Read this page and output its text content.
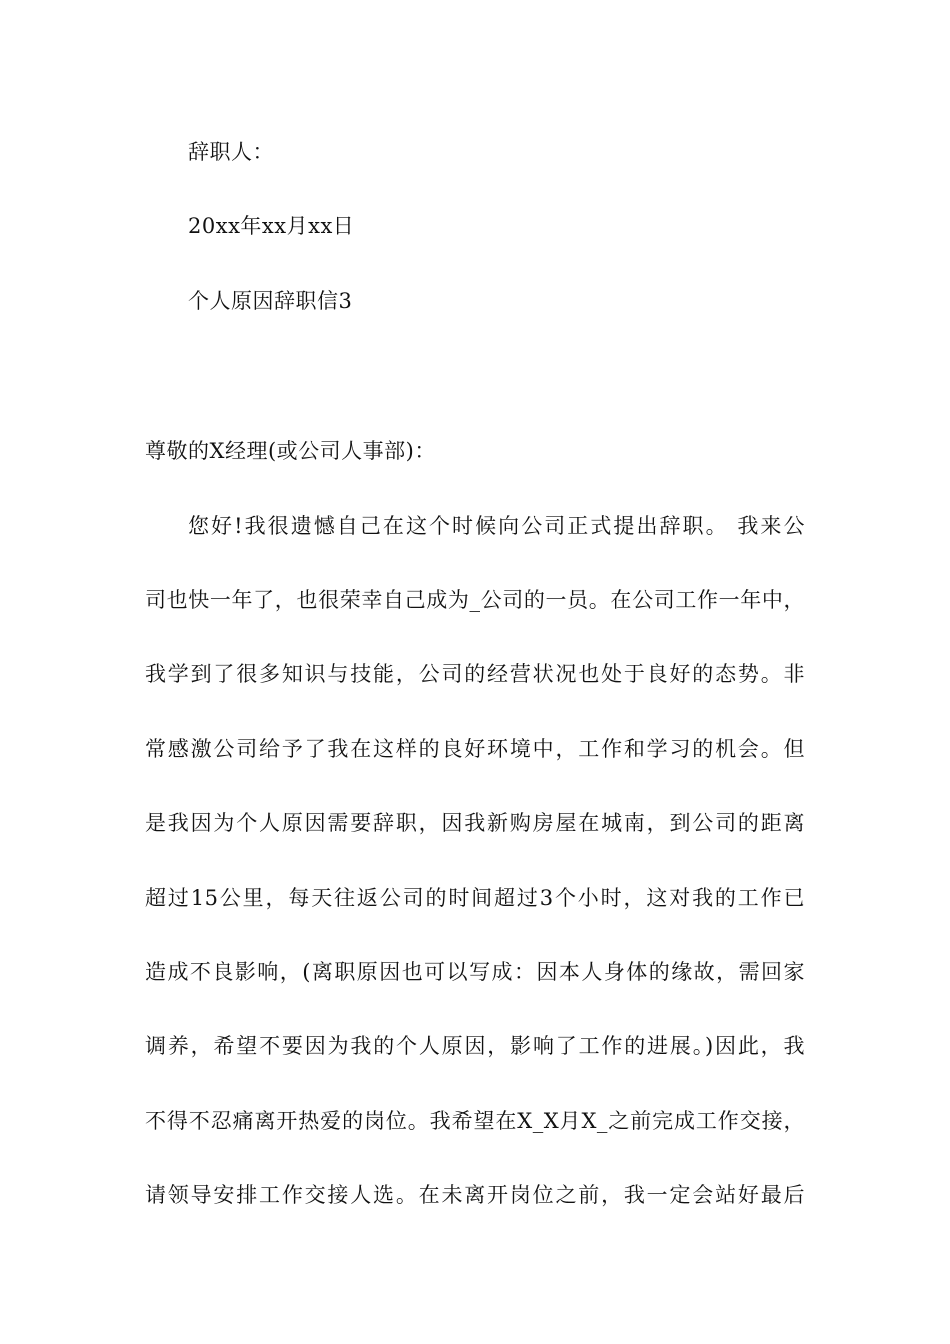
辞职人：
20xx年xx月xx日
个人原因辞职信3
尊敬的X经理(或公司人事部)：
您好!我很遗憾自己在这个时候向公司正式提出辞职。 我来公
司也快一年了，也很荣幸自己成为_公司的一员。在公司工作一年中，
我学到了很多知识与技能，公司的经营状况也处于良好的态势。非
常感激公司给予了我在这样的良好环境中，工作和学习的机会。但
是我因为个人原因需要辞职，因我新购房屋在城南，到公司的距离
超过15公里，每天往返公司的时间超过3个小时，这对我的工作已
造成不良影响，(离职原因也可以写成：因本人身体的缘故，需回家
调养，希望不要因为我的个人原因，影响了工作的进展。)因此，我
不得不忍痛离开热爱的岗位。我希望在X_X月X_之前完成工作交接，
请领导安排工作交接人选。在未离开岗位之前，我一定会站好最后
